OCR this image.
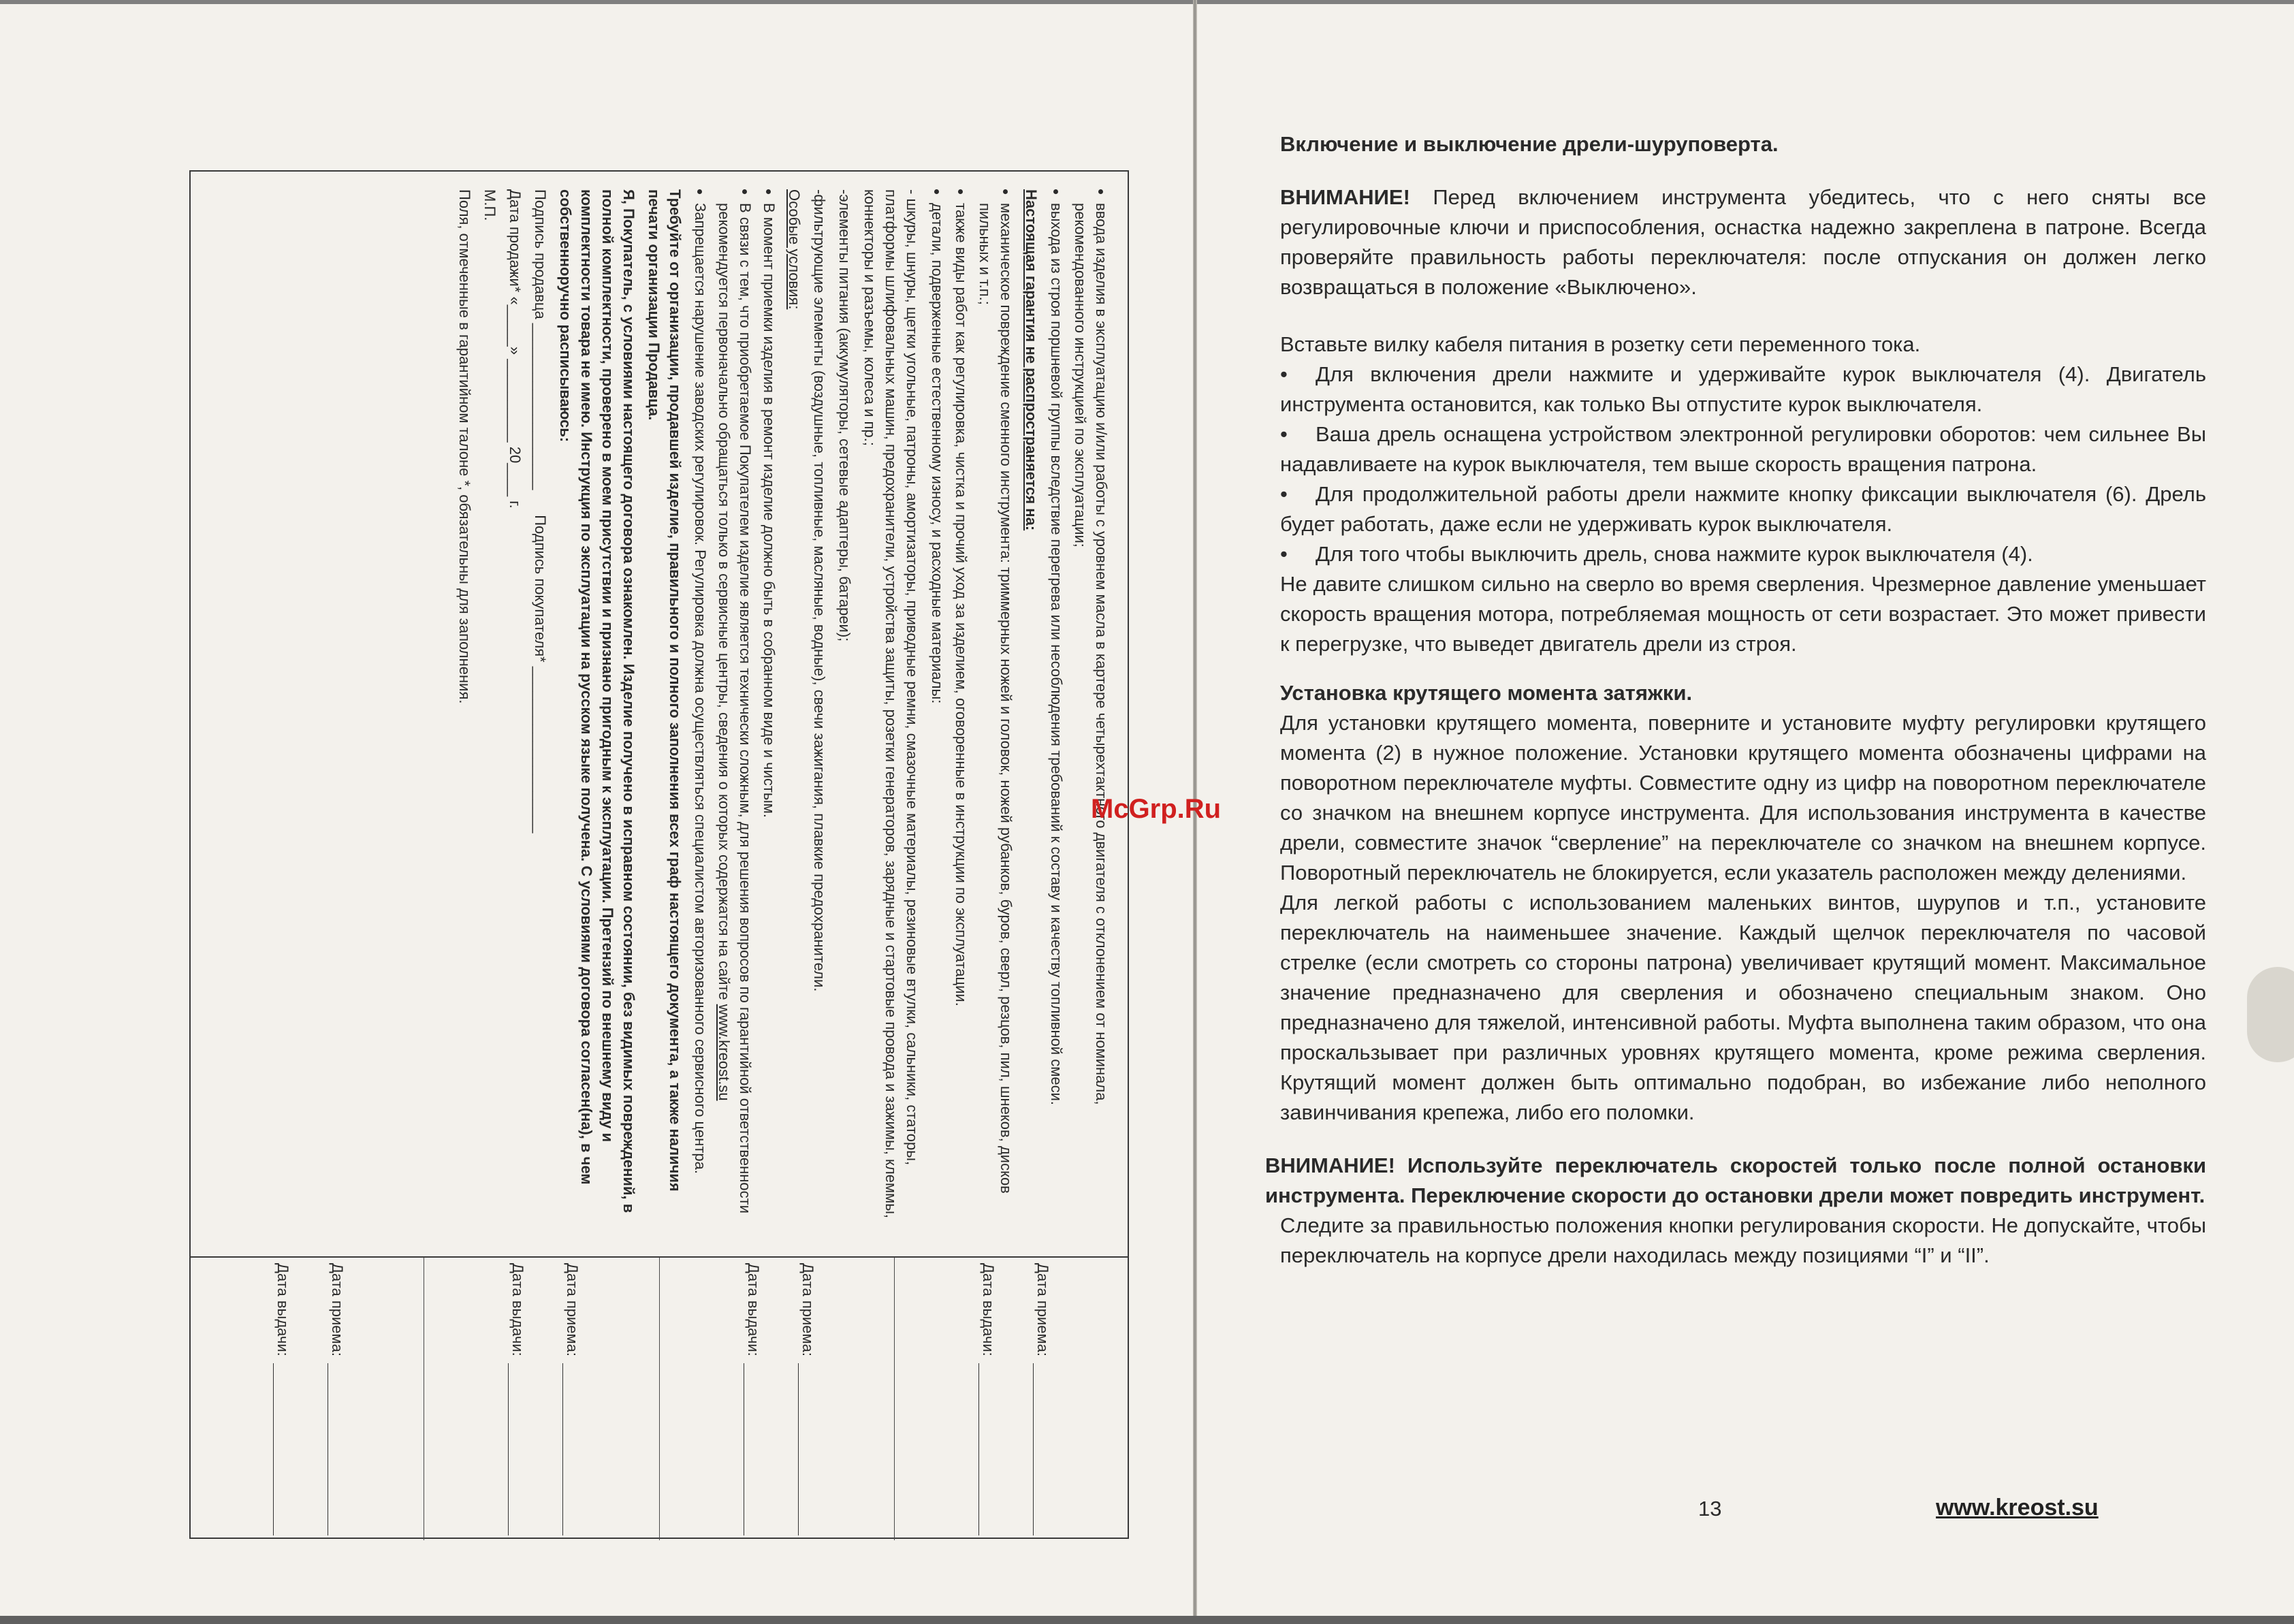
• ввода изделия в эксплуатацию и/или работы с уровнем масла в картере четырехтактного двигателя с отклонением от номинала, рекомендованного инструкцией по эксплуатации;
• выхода из строя поршневой группы вследствие перегрева или несоблюдения требований к составу и качеству топливной смеси.

Настоящая гарантия не распространяется на:

• механическое повреждение сменного инструмента: триммерных ножей и головок, ножей рубанков, буров, сверл, резцов, пил, шнеков, дисков пильных и т.п.;
• также виды работ как регулировка, чистка и прочий уход за изделием, оговоренные в инструкции по эксплуатации.
• детали, подверженные естественному износу, и расходные материалы:

- шкуры, шнуры, щетки угольные, патроны, амортизаторы, приводные ремни, смазочные материалы, резиновые втулки, сальники, статоры, платформы шлифовальных машин, предохранители, устройства защиты, розетки генераторов, зарядные и стартовые провода и зажимы, клеммы, коннекторы и разъемы, колеса и пр.;

-элементы питания (аккумуляторы, сетевые адаптеры, батареи);

-фильтрующие элементы (воздушные, топливные, масляные, водные), свечи зажигания, плавкие предохранители.

Особые условия:

• В момент приемки изделия в ремонт изделие должно быть в собранном виде и чистым.
• В связи с тем, что приобретаемое Покупателем изделие является технически сложным, для решения вопросов по гарантийной ответственности рекомендуется первоначально обращаться только в сервисные центры, сведения о которых содержатся на сайте www.kreost.su
• Запрещается нарушение заводских регулировок. Регулировка должна осуществляться специалистом авторизованного сервисного центра.

Требуйте от организации, продавшей изделие, правильного и полного заполнения всех граф настоящего документа, а также наличия печати организации Продавца.

Я, Покупатель, с условиями настоящего договора ознакомлен. Изделие получено в исправном состоянии, без видимых повреждений, в полной комплектности, проверено в моем присутствии и признано пригодным к эксплуатации. Претензий по внешнему виду и комплектности товара не имею. Инструкция по эксплуатации на русском языке получена. С условиями договора согласен(на), в чем собственноручно расписываюсь:

Подпись продавца ____________________      Подпись покупателя* ____________________

Дата продажи* «_____» __________ 20____ г.

М.П.

Поля, отмеченные в гарантийном талоне *, обязательны для заполнения.

Дата приема:
Дата выдачи:	Дата приема:
Дата выдачи:	Дата приема:
Дата выдачи:	Дата приема:
Дата выдачи:
McGrp.Ru
Включение и выключение дрели-шуруповерта.

ВНИМАНИЕ! Перед включением инструмента убедитесь, что с него сняты все регулировочные ключи и приспособления, оснастка надежно закреплена в патроне. Всегда проверяйте правильность работы переключателя: после отпускания он должен легко возвращаться в положение «Выключено».

Вставьте вилку кабеля питания в розетку сети переменного тока.

• Для включения дрели нажмите и удерживайте курок выключателя (4). Двигатель инструмента остановится, как только Вы отпустите курок выключателя.

• Ваша дрель оснащена устройством электронной регулировки оборотов: чем сильнее Вы надавливаете на курок выключателя, тем выше скорость вращения патрона.

• Для продолжительной работы дрели нажмите кнопку фиксации выключателя (6). Дрель будет работать, даже если не удерживать курок выключателя.

• Для того чтобы выключить дрель, снова нажмите курок выключателя (4).

Не давите слишком сильно на сверло во время сверления. Чрезмерное давление уменьшает скорость вращения мотора, потребляемая мощность от сети возрастает. Это может привести к перегрузке, что выведет двигатель дрели из строя.

Установка крутящего момента затяжки.

Для установки крутящего момента, поверните и установите муфту регулировки крутящего момента (2) в нужное положение. Установки крутящего момента обозначены цифрами на поворотном переключателе муфты. Совместите одну из цифр на поворотном переключателе со значком на внешнем корпусе инструмента. Для использования инструмента в качестве дрели, совместите значок “сверление” на переключателе со значком на внешнем корпусе. Поворотный переключатель не блокируется, если указатель расположен между делениями.

Для легкой работы с использованием маленьких винтов, шурупов и т.п., установите переключатель на наименьшее значение. Каждый щелчок переключателя по часовой стрелке (если смотреть со стороны патрона) увеличивает крутящий момент. Максимальное значение предназначено для сверления и обозначено специальным знаком. Оно предназначено для тяжелой, интенсивной работы. Муфта выполнена таким образом, что она проскальзывает при различных уровнях крутящего момента, кроме режима сверления. Крутящий момент должен быть оптимально подобран, во избежание либо неполного завинчивания крепежа, либо его поломки.

ВНИМАНИЕ! Используйте переключатель скоростей только после полной остановки инструмента. Переключение скорости до остановки дрели может повредить инструмент.

Следите за правильностью положения кнопки регулирования скорости. Не допускайте, чтобы переключатель на корпусе дрели находилась между позициями “I” и “II”.

13	www.kreost.su
